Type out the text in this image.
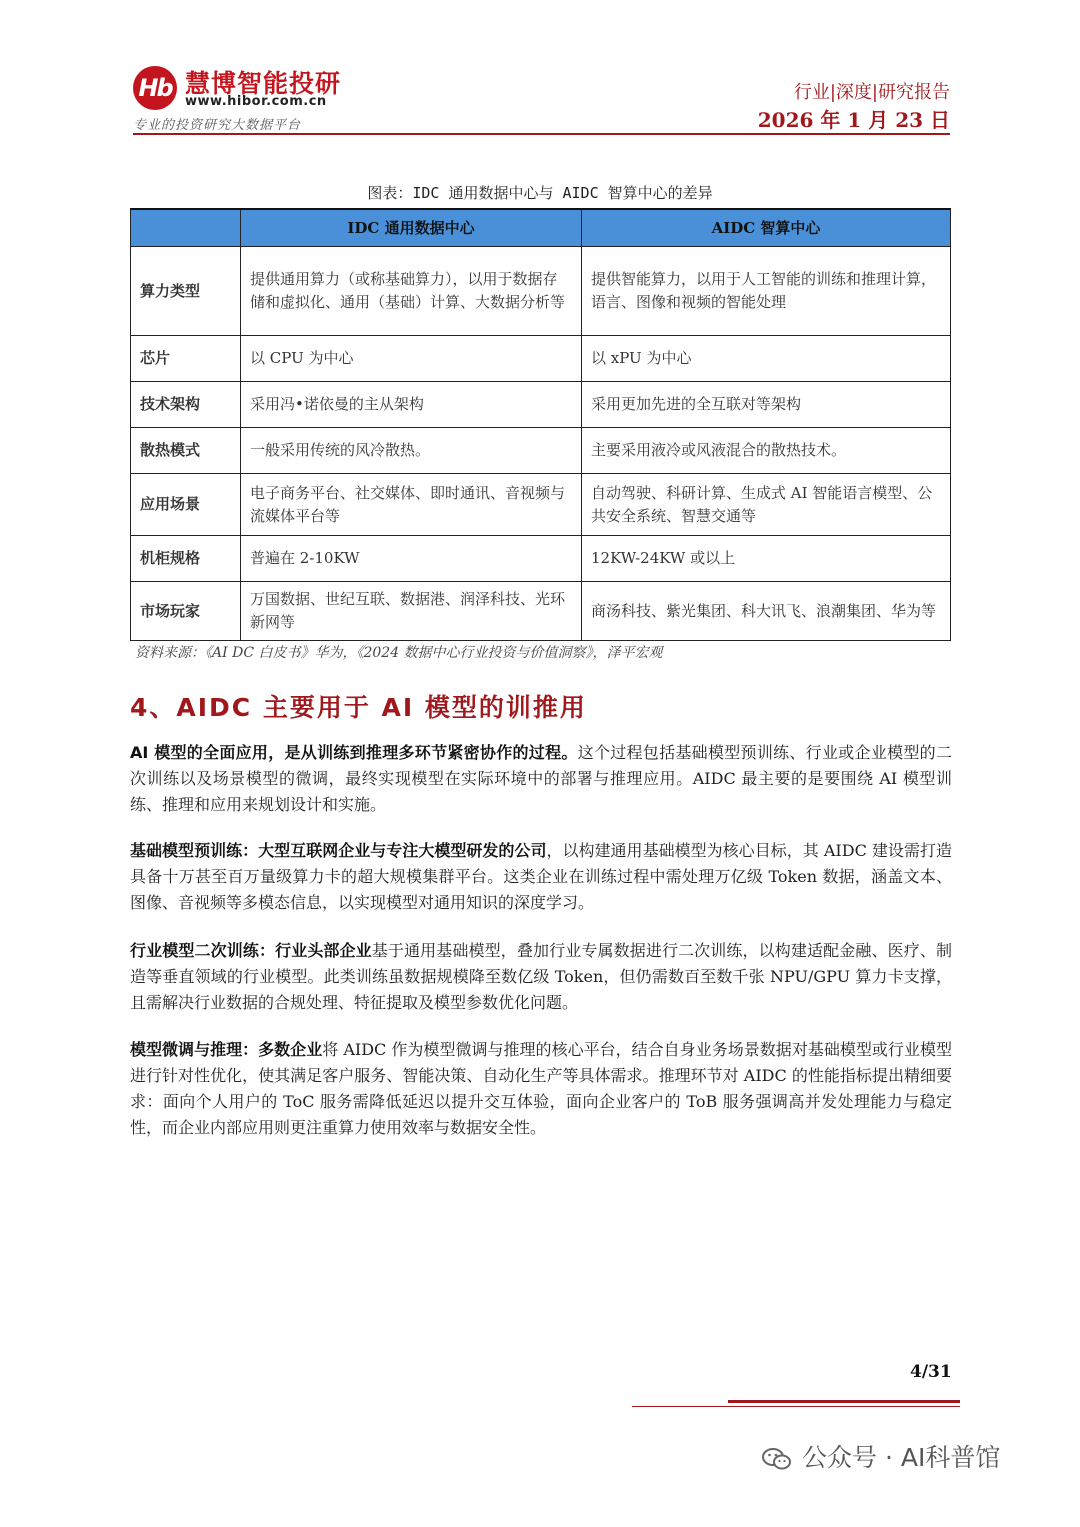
Hb 慧博智能投研
www.hibor.com.cn
专业的投资研究大数据平台
行业|深度|研究报告
2026 年 1 月 23 日
图表：IDC 通用数据中心与 AIDC 智算中心的差异
	IDC 通用数据中心	AIDC 智算中心
算力类型	提供通用算力（或称基础算力），以用于数据存储和虚拟化、通用（基础）计算、大数据分析等	提供智能算力，以用于人工智能的训练和推理计算，语言、图像和视频的智能处理
芯片	以 CPU 为中心	以 xPU 为中心
技术架构	采用冯•诺依曼的主从架构	采用更加先进的全互联对等架构
散热模式	一般采用传统的风冷散热。	主要采用液冷或风液混合的散热技术。
应用场景	电子商务平台、社交媒体、即时通讯、音视频与流媒体平台等	自动驾驶、科研计算、生成式 AI 智能语言模型、公共安全系统、智慧交通等
机柜规格	普遍在 2-10KW	12KW-24KW 或以上
市场玩家	万国数据、世纪互联、数据港、润泽科技、光环新网等	商汤科技、紫光集团、科大讯飞、浪潮集团、华为等
资料来源：《AI DC 白皮书》华为，《2024 数据中心行业投资与价值洞察》，泽平宏观
4、AIDC 主要用于 AI 模型的训推用

AI 模型的全面应用，是从训练到推理多环节紧密协作的过程。这个过程包括基础模型预训练、行业或企业模型的二次训练以及场景模型的微调，最终实现模型在实际环境中的部署与推理应用。AIDC 最主要的是要围绕 AI 模型训练、推理和应用来规划设计和实施。

基础模型预训练：大型互联网企业与专注大模型研发的公司，以构建通用基础模型为核心目标，其 AIDC 建设需打造具备十万甚至百万量级算力卡的超大规模集群平台。这类企业在训练过程中需处理万亿级 Token 数据，涵盖文本、图像、音视频等多模态信息，以实现模型对通用知识的深度学习。

行业模型二次训练：行业头部企业基于通用基础模型，叠加行业专属数据进行二次训练，以构建适配金融、医疗、制造等垂直领域的行业模型。此类训练虽数据规模降至数亿级 Token，但仍需数百至数千张 NPU/GPU 算力卡支撑，且需解决行业数据的合规处理、特征提取及模型参数优化问题。

模型微调与推理：多数企业将 AIDC 作为模型微调与推理的核心平台，结合自身业务场景数据对基础模型或行业模型进行针对性优化，使其满足客户服务、智能决策、自动化生产等具体需求。推理环节对 AIDC 的性能指标提出精细要求：面向个人用户的 ToC 服务需降低延迟以提升交互体验，面向企业客户的 ToB 服务强调高并发处理能力与稳定性，而企业内部应用则更注重算力使用效率与数据安全性。

4/31
公众号 · AI科普馆
